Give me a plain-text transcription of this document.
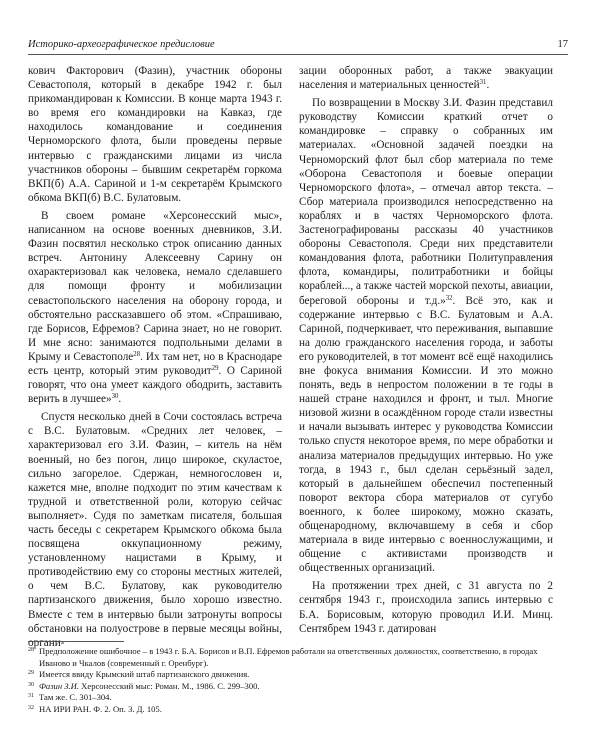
Историко-археографическое предисловие	17

кович Факторович (Фазин), участник обороны Севастополя, который в декабре 1942 г. был прикомандирован к Комиссии. В конце марта 1943 г. во время его командировки на Кавказ, где находилось командование и соединения Черноморского флота, были проведены первые интервью с гражданскими лицами из числа участников обороны – бывшим секретарём горкома ВКП(б) А.А. Сариной и 1-м секретарём Крымского обкома ВКП(б) В.С. Булатовым.

В своем романе «Херсонесский мыс», написанном на основе военных дневников, З.И. Фазин посвятил несколько строк описанию данных встреч. Антонину Алексеевну Сарину он охарактеризовал как человека, немало сделавшего для помощи фронту и мобилизации севастопольского населения на оборону города, и обстоятельно рассказавшего об этом. «Спрашиваю, где Борисов, Ефремов? Сарина знает, но не говорит. И мне ясно: занимаются подпольными делами в Крыму и Севастополе$^{28}$. Их там нет, но в Краснодаре есть центр, который этим руководит$^{29}$. О Сариной говорят, что она умеет каждого ободрить, заставить верить в лучшее»$^{30}$.

Спустя несколько дней в Сочи состоялась встреча с В.С. Булатовым. «Средних лет человек, – характеризовал его З.И. Фазин, – китель на нём военный, но без погон, лицо широкое, скуластое, сильно загорелое. Сдержан, немногословен и, кажется мне, вполне подходит по этим качествам к трудной и ответственной роли, которую сейчас выполняет». Судя по заметкам писателя, большая часть беседы с секретарем Крымского обкома была посвящена оккупационному режиму, установленному нацистами в Крыму, и противодействию ему со стороны местных жителей, о чем В.С. Булатову, как руководителю партизанского движения, было хорошо известно. Вместе с тем в интервью были затронуты вопросы обстановки на полуострове в первые месяцы войны, органи-

зации оборонных работ, а также эвакуации населения и материальных ценностей$^{31}$.

По возвращении в Москву З.И. Фазин представил руководству Комиссии краткий отчет о командировке – справку о собранных им материалах. «Основной задачей поездки на Черноморский флот был сбор материала по теме «Оборона Севастополя и боевые операции Черноморского флота», – отмечал автор текста. – Сбор материала производился непосредственно на кораблях и в частях Черноморского флота. Застенографированы рассказы 40 участников обороны Севастополя. Среди них представители командования флота, работники Политуправления флота, командиры, политработники и бойцы кораблей..., а также частей морской пехоты, авиации, береговой обороны и т.д.»$^{32}$. Всё это, как и содержание интервью с В.С. Булатовым и А.А. Сариной, подчеркивает, что переживания, выпавшие на долю гражданского населения города, и заботы его руководителей, в тот момент всё ещё находились вне фокуса внимания Комиссии. И это можно понять, ведь в непростом положении в те годы в нашей стране находился и фронт, и тыл. Многие низовой жизни в осаждённом городе стали известны и начали вызывать интерес у руководства Комиссии только спустя некоторое время, по мере обработки и анализа материалов предыдущих интервью. Но уже тогда, в 1943 г., был сделан серьёзный задел, который в дальнейшем обеспечил постепенный поворот вектора сбора материалов от сугубо военного, к более широкому, можно сказать, общенародному, включавшему в себя и сбор материала в виде интервью с военнослужащими, и общение с активистами производств и общественных организаций.

На протяжении трех дней, с 31 августа по 2 сентября 1943 г., происходила запись интервью с Б.А. Борисовым, которую проводил И.И. Минц. Сентябрем 1943 г. датирован

28 Предположение ошибочное – в 1943 г. Б.А. Борисов и В.П. Ефремов работали на ответственных должностях, соответственно, в городах Иваново и Чкалов (современный г. Оренбург).
29 Имеется ввиду Крымский штаб партизанского движения.
30 Фазин З.И. Херсонесский мыс: Роман. М., 1986. С. 299–300.
31 Там же. С. 301–304.
32 НА ИРИ РАН. Ф. 2. Оп. 3. Д. 105.
